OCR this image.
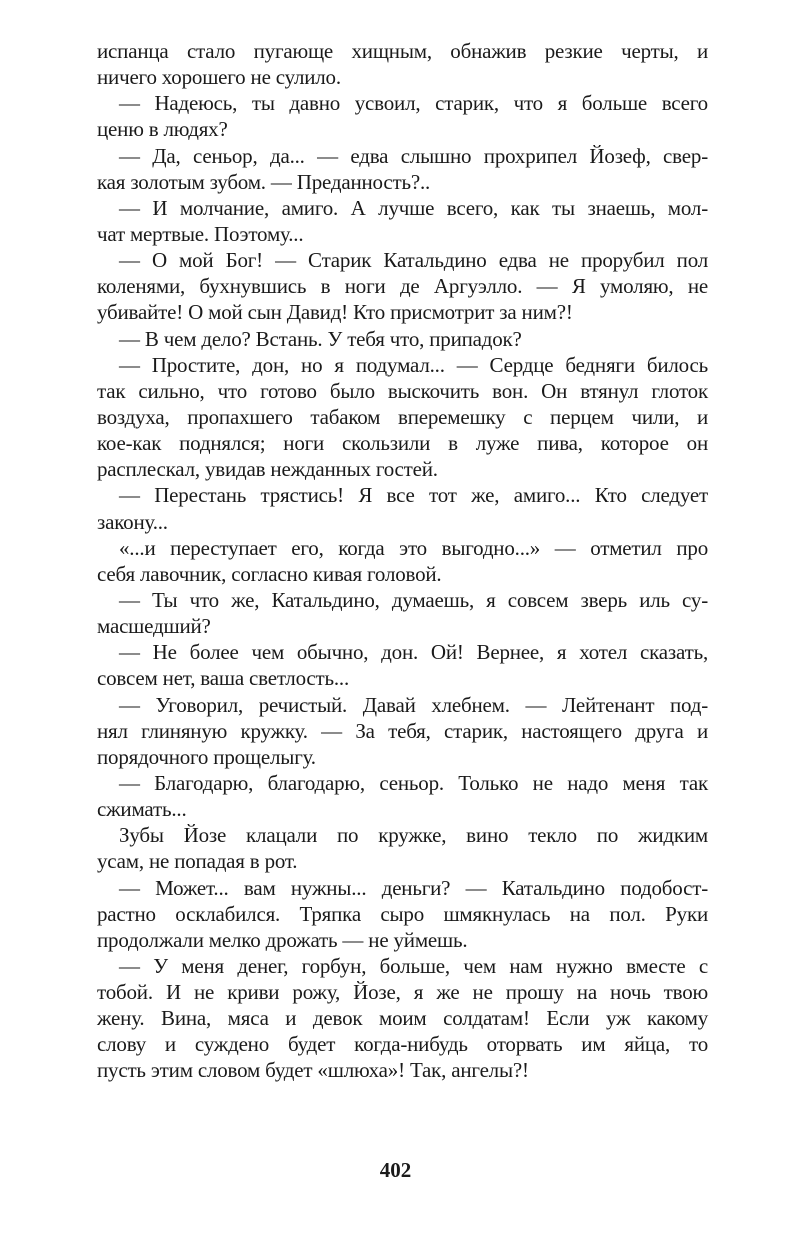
испанца стало пугающе хищным, обнажив резкие черты, и
ничего хорошего не сулило.
— Надеюсь, ты давно усвоил, старик, что я больше всего
ценю в людях?
— Да, сеньор, да... — едва слышно прохрипел Йозеф, свер-
кая золотым зубом. — Преданность?..
— И молчание, амиго. А лучше всего, как ты знаешь, мол-
чат мертвые. Поэтому...
— О мой Бог! — Старик Катальдино едва не прорубил пол
коленями, бухнувшись в ноги де Аргуэлло. — Я умоляю, не
убивайте! О мой сын Давид! Кто присмотрит за ним?!
— В чем дело? Встань. У тебя что, припадок?
— Простите, дон, но я подумал... — Сердце бедняги билось
так сильно, что готово было выскочить вон. Он втянул глоток
воздуха, пропахшего табаком вперемешку с перцем чили, и
кое-как поднялся; ноги скользили в луже пива, которое он
расплескал, увидав нежданных гостей.
— Перестань трястись! Я все тот же, амиго... Кто следует
закону...
«...и переступает его, когда это выгодно...» — отметил про
себя лавочник, согласно кивая головой.
— Ты что же, Катальдино, думаешь, я совсем зверь иль су-
масшедший?
— Не более чем обычно, дон. Ой! Вернее, я хотел сказать,
совсем нет, ваша светлость...
— Уговорил, речистый. Давай хлебнем. — Лейтенант под-
нял глиняную кружку. — За тебя, старик, настоящего друга и
порядочного прощелыгу.
— Благодарю, благодарю, сеньор. Только не надо меня так
сжимать...
Зубы Йозе клацали по кружке, вино текло по жидким
усам, не попадая в рот.
— Может... вам нужны... деньги? — Катальдино подобост-
растно осклабился. Тряпка сыро шмякнулась на пол. Руки
продолжали мелко дрожать — не уймешь.
— У меня денег, горбун, больше, чем нам нужно вместе с
тобой. И не криви рожу, Йозе, я же не прошу на ночь твою
жену. Вина, мяса и девок моим солдатам! Если уж какому
слову и суждено будет когда-нибудь оторвать им яйца, то
пусть этим словом будет «шлюха»! Так, ангелы?!
402
